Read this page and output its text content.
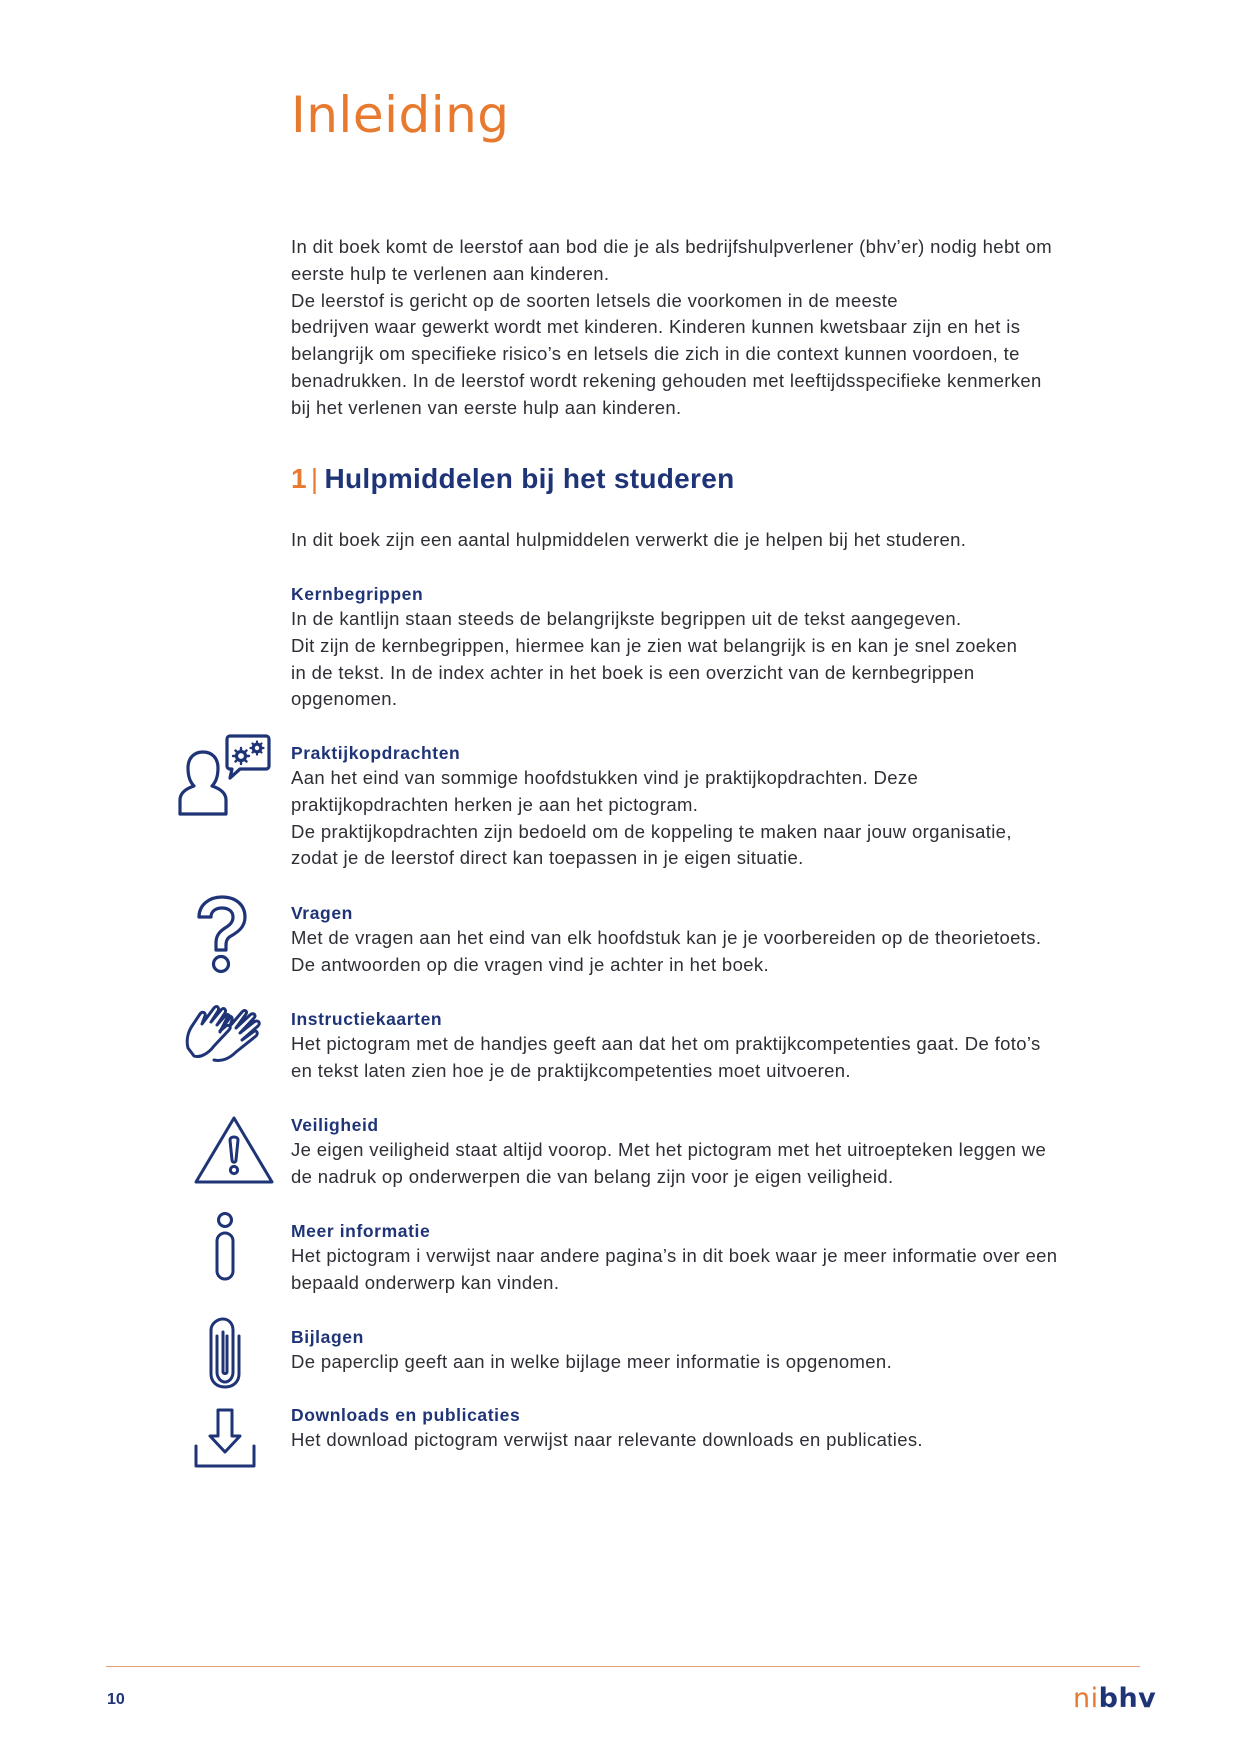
Inleiding

In dit boek komt de leerstof aan bod die je als bedrijfshulpverlener (bhv’er) nodig hebt om
eerste hulp te verlenen aan kinderen.
De leerstof is gericht op de soorten letsels die voorkomen in de meeste
bedrijven waar gewerkt wordt met kinderen. Kinderen kunnen kwetsbaar zijn en het is
belangrijk om specifieke risico’s en letsels die zich in die context kunnen voordoen, te
benadrukken. In de leerstof wordt rekening gehouden met leeftijdsspecifieke kenmerken
bij het verlenen van eerste hulp aan kinderen.

1 | Hulpmiddelen bij het studeren

In dit boek zijn een aantal hulpmiddelen verwerkt die je helpen bij het studeren.

Kernbegrippen

In de kantlijn staan steeds de belangrijkste begrippen uit de tekst aangegeven.
Dit zijn de kernbegrippen, hiermee kan je zien wat belangrijk is en kan je snel zoeken
in de tekst. In de index achter in het boek is een overzicht van de kernbegrippen
opgenomen.

Praktijkopdrachten

Aan het eind van sommige hoofdstukken vind je praktijkopdrachten. Deze
praktijkopdrachten herken je aan het pictogram.
De praktijkopdrachten zijn bedoeld om de koppeling te maken naar jouw organisatie,
zodat je de leerstof direct kan toepassen in je eigen situatie.

Vragen

Met de vragen aan het eind van elk hoofdstuk kan je je voorbereiden op de theorietoets.
De antwoorden op die vragen vind je achter in het boek.

Instructiekaarten

Het pictogram met de handjes geeft aan dat het om praktijkcompetenties gaat. De foto’s
en tekst laten zien hoe je de praktijkcompetenties moet uitvoeren.

Veiligheid

Je eigen veiligheid staat altijd voorop. Met het pictogram met het uitroepteken leggen we
de nadruk op onderwerpen die van belang zijn voor je eigen veiligheid.

Meer informatie

Het pictogram i verwijst naar andere pagina’s in dit boek waar je meer informatie over een
bepaald onderwerp kan vinden.

Bijlagen

De paperclip geeft aan in welke bijlage meer informatie is opgenomen.

Downloads en publicaties

Het download pictogram verwijst naar relevante downloads en publicaties.

10	nibhv
